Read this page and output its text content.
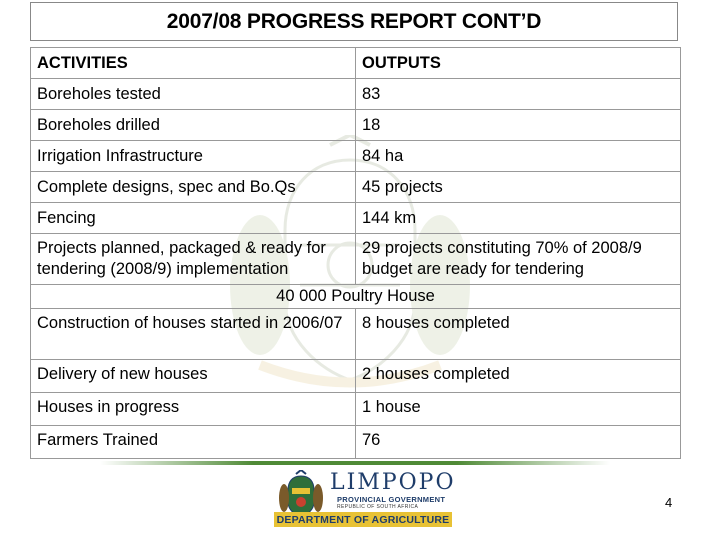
2007/08 PROGRESS REPORT CONT’D
ACTIVITIES	OUTPUTS
Boreholes tested	83
Boreholes drilled	18
Irrigation Infrastructure	84 ha
Complete designs, spec and Bo.Qs	45 projects
Fencing	144 km
Projects planned, packaged & ready for tendering (2008/9) implementation	29 projects constituting 70% of 2008/9 budget are ready for tendering
40 000 Poultry House	
Construction of houses started in 2006/07	8 houses completed
Delivery of new houses	2 houses completed
Houses in progress	1 house
Farmers Trained	76
LIMPOPO
PROVINCIAL GOVERNMENT
REPUBLIC OF SOUTH AFRICA
DEPARTMENT OF AGRICULTURE
4
